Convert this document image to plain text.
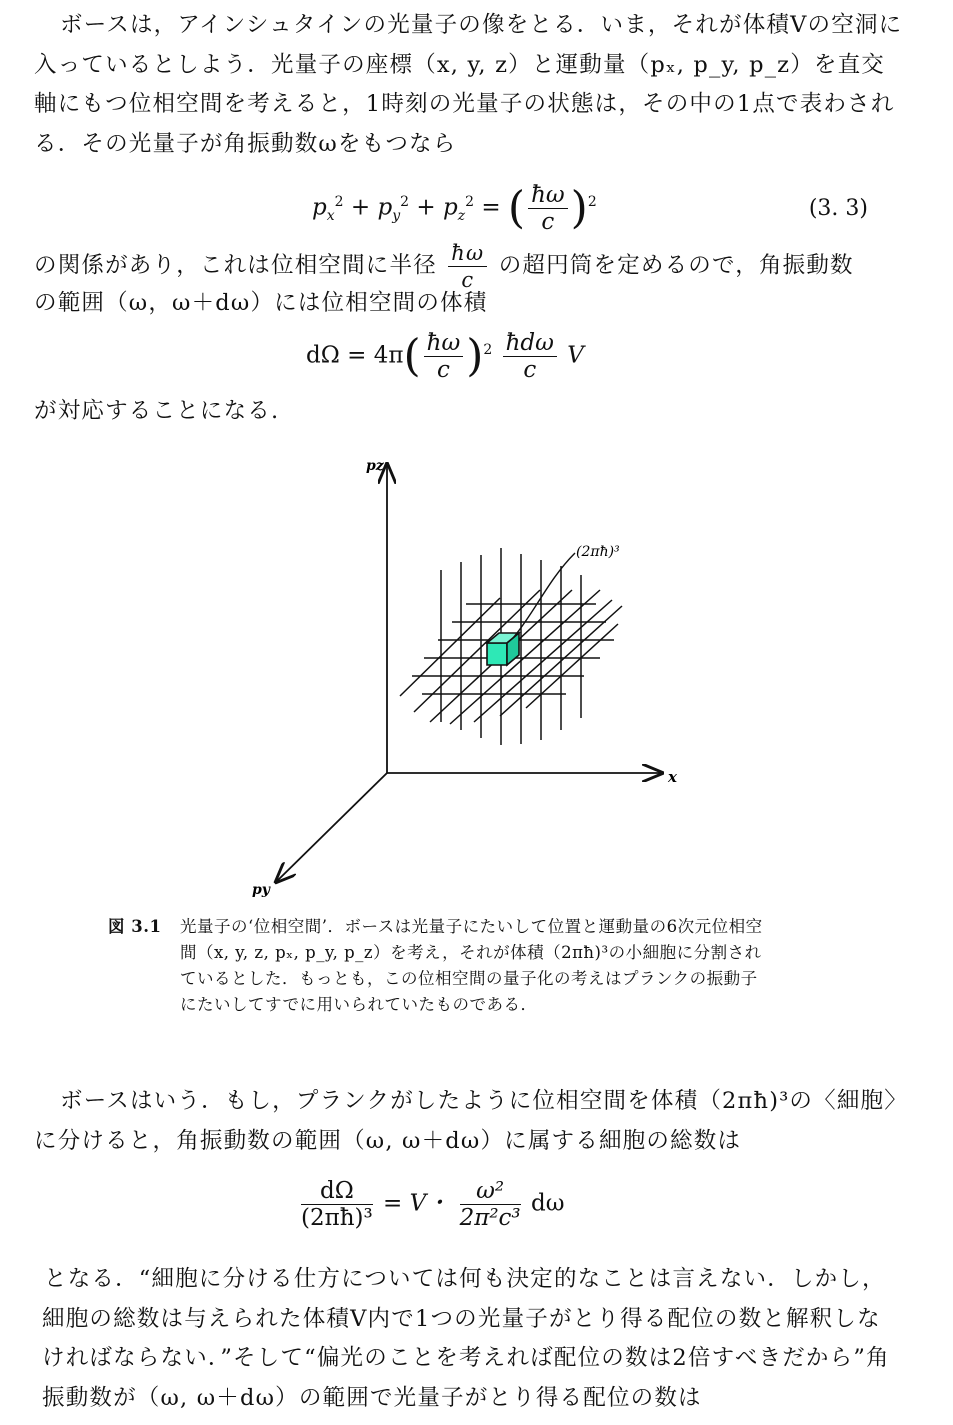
ボースは，アインシュタインの光量子の像をとる．いま，それが体積Vの空洞に入っているとしよう．光量子の座標（x, y, z）と運動量（pₓ, p_y, p_z）を直交軸にもつ位相空間を考えると，1時刻の光量子の状態は，その中の1点で表わされる．その光量子が角振動数ωをもつなら

$p_x^2 + p_y^2 + p_z^2$ = ( $\frac{ħ\omega}{c} )^2$	(3. 3)
の関係があり，これは位相空間に半径 $\frac{ħ\omega}{c}$ の超円筒を定めるので，角振動数

の範囲（ω，ω＋dω）には位相空間の体積

$d\Omega = 4\pi( \frac{ħ\omega}{c} )^2 \frac{\text{ħdω}}{c}$ V

が対応することになる.

pz
x
py
(2πħ)³
図 3.1 光量子の‘位相空間’．ボースは光量子にたいして位置と運動量の6次元位相空間（x, y, z, pₓ, p_y, p_z）を考え，それが体積（2πħ)³の小細胞に分割されているとした．もっとも，この位相空間の量子化の考えはプランクの振動子にたいしてすでに用いられていたものである．

ボースはいう．もし，プランクがしたように位相空間を体積（2πħ)³の〈細胞〉に分けると，角振動数の範囲（ω, ω＋dω）に属する細胞の総数は

$\frac{d\Omega}{\text{(2πħ)³}} = V$・ $\frac{\text{ω²}}{\text{2π²c³}}$ dω

となる．“細胞に分ける仕方については何も決定的なことは言えない．しかし，細胞の総数は与えられた体積V内で1つの光量子がとり得る配位の数と解釈しなければならない．”そして“偏光のことを考えれば配位の数は2倍すべきだから”角振動数が（ω, ω＋dω）の範囲で光量子がとり得る配位の数は
